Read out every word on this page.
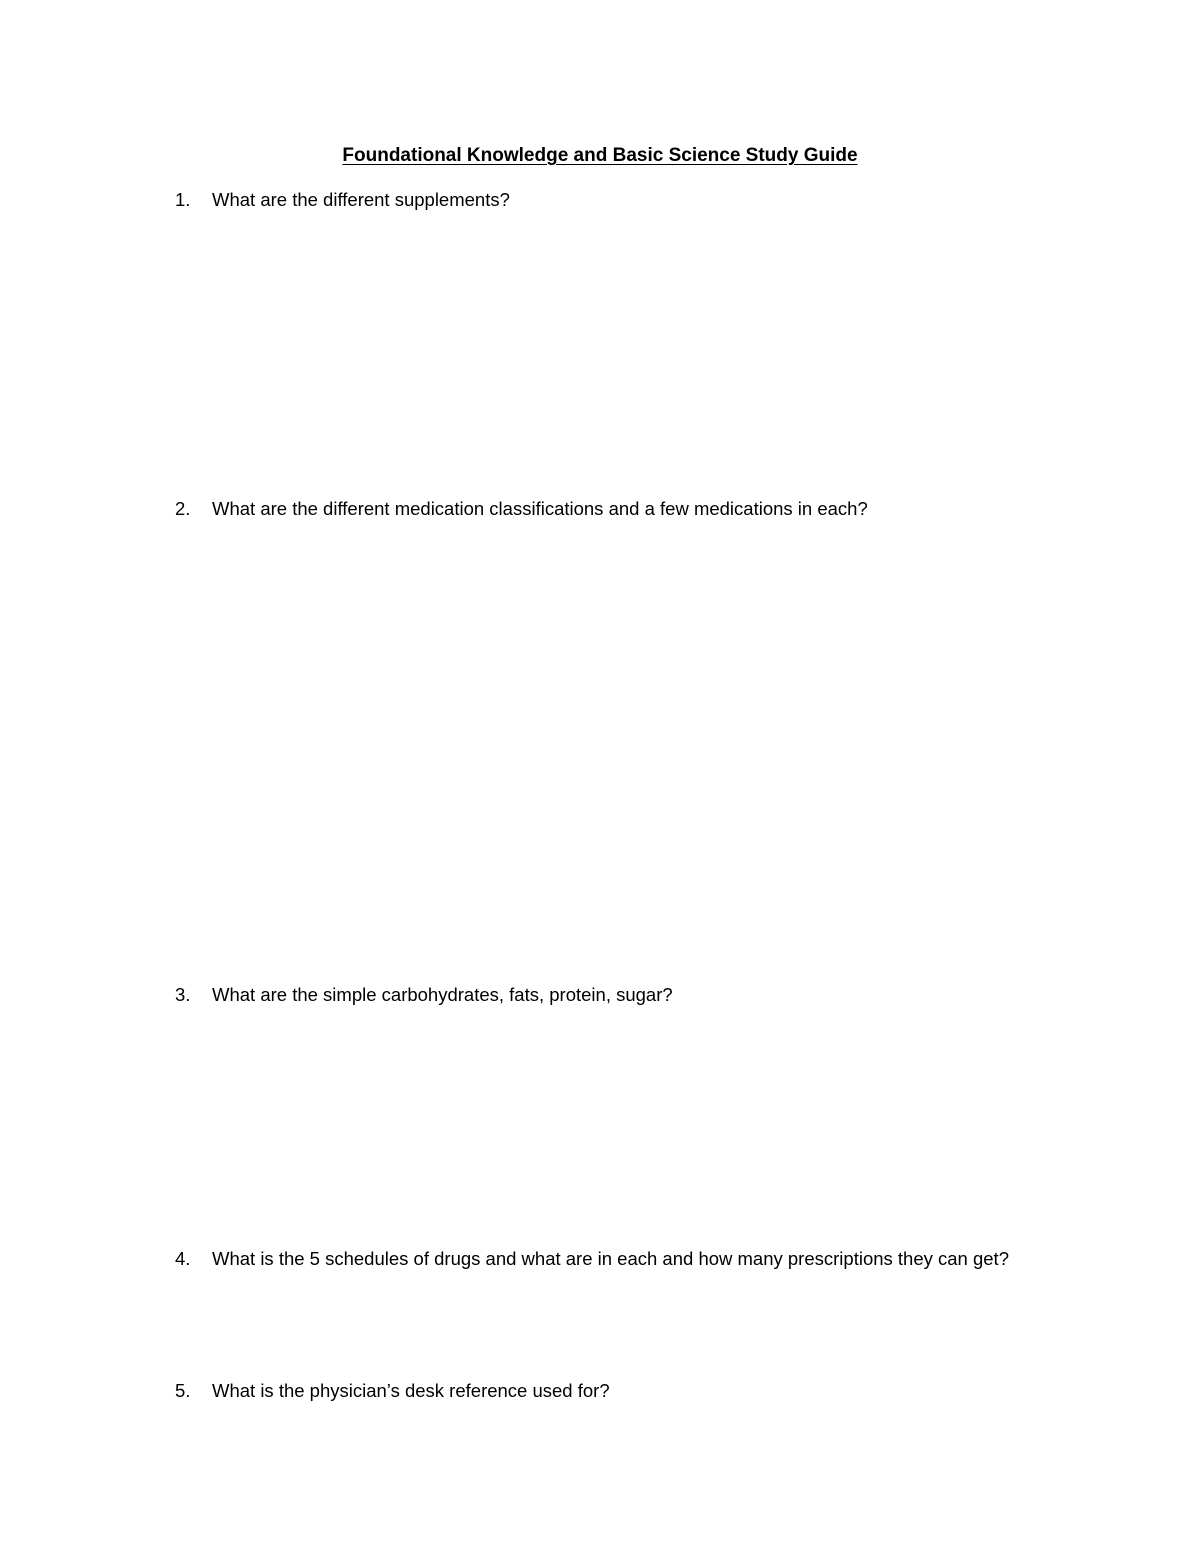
Foundational Knowledge and Basic Science Study Guide
1. What are the different supplements?
2. What are the different medication classifications and a few medications in each?
3. What are the simple carbohydrates, fats, protein, sugar?
4. What is the 5 schedules of drugs and what are in each and how many prescriptions they can get?
5. What is the physician’s desk reference used for?
